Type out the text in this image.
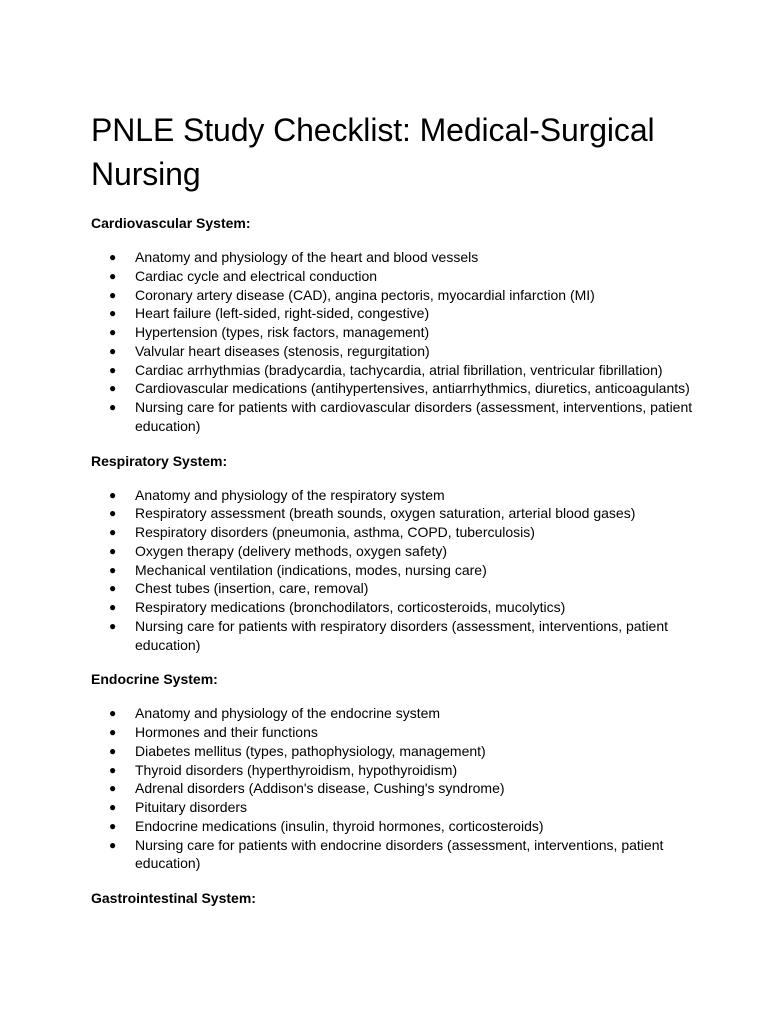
PNLE Study Checklist: Medical-Surgical Nursing
Cardiovascular System:
● Anatomy and physiology of the heart and blood vessels
● Cardiac cycle and electrical conduction
● Coronary artery disease (CAD), angina pectoris, myocardial infarction (MI)
● Heart failure (left-sided, right-sided, congestive)
● Hypertension (types, risk factors, management)
● Valvular heart diseases (stenosis, regurgitation)
● Cardiac arrhythmias (bradycardia, tachycardia, atrial fibrillation, ventricular fibrillation)
● Cardiovascular medications (antihypertensives, antiarrhythmics, diuretics, anticoagulants)
● Nursing care for patients with cardiovascular disorders (assessment, interventions, patient education)
Respiratory System:
● Anatomy and physiology of the respiratory system
● Respiratory assessment (breath sounds, oxygen saturation, arterial blood gases)
● Respiratory disorders (pneumonia, asthma, COPD, tuberculosis)
● Oxygen therapy (delivery methods, oxygen safety)
● Mechanical ventilation (indications, modes, nursing care)
● Chest tubes (insertion, care, removal)
● Respiratory medications (bronchodilators, corticosteroids, mucolytics)
● Nursing care for patients with respiratory disorders (assessment, interventions, patient education)
Endocrine System:
● Anatomy and physiology of the endocrine system
● Hormones and their functions
● Diabetes mellitus (types, pathophysiology, management)
● Thyroid disorders (hyperthyroidism, hypothyroidism)
● Adrenal disorders (Addison's disease, Cushing's syndrome)
● Pituitary disorders
● Endocrine medications (insulin, thyroid hormones, corticosteroids)
● Nursing care for patients with endocrine disorders (assessment, interventions, patient education)
Gastrointestinal System:
